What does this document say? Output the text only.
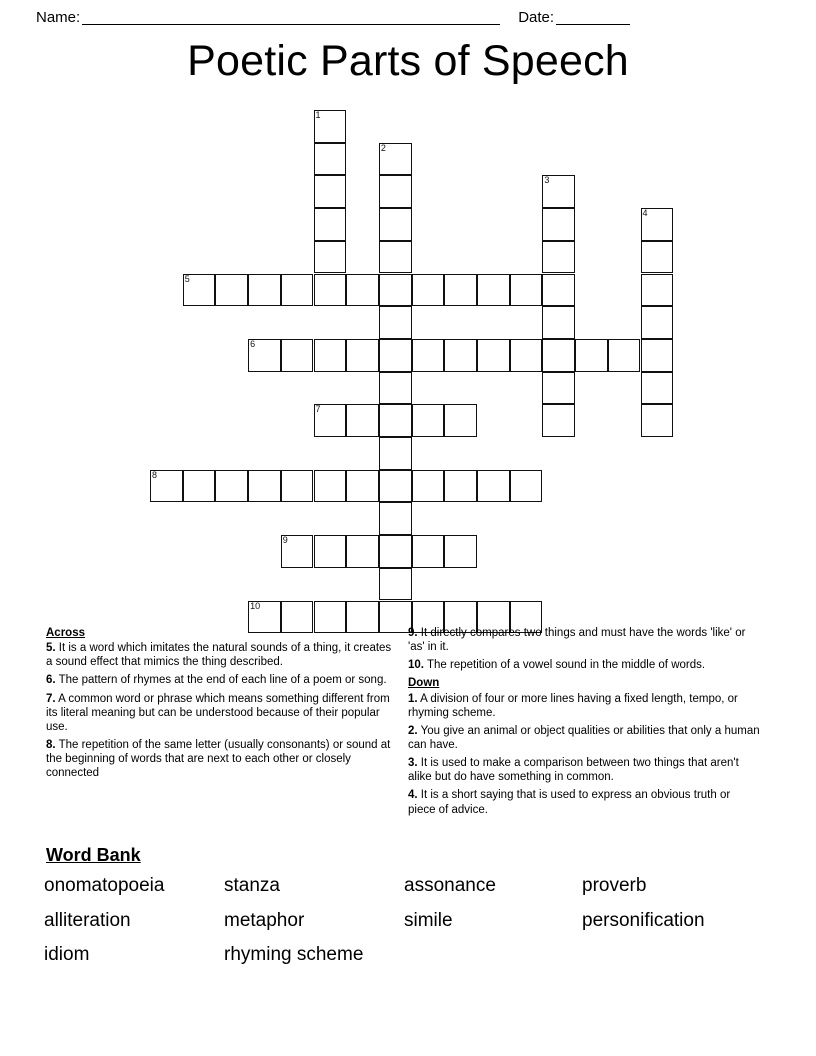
Name:	Date:
Poetic Parts of Speech
1
2
3
4
5
6
7
8
9
10
Across
5. It is a word which imitates the natural sounds of a thing, it creates a sound effect that mimics the thing described.
6. The pattern of rhymes at the end of each line of a poem or song.
7. A common word or phrase which means something different from its literal meaning but can be understood because of their popular use.
8. The repetition of the same letter (usually consonants) or sound at the beginning of words that are next to each other or closely connected
9. It directly compares two things and must have the words 'like' or 'as' in it.
10. The repetition of a vowel sound in the middle of words.
Down
1. A division of four or more lines having a fixed length, tempo, or rhyming scheme.
2. You give an animal or object qualities or abilities that only a human can have.
3. It is used to make a comparison between two things that aren't alike but do have something in common.
4. It is a short saying that is used to express an obvious truth or piece of advice.
Word Bank
onomatopoeia	stanza	assonance	proverb
alliteration	metaphor	simile	personification
idiom	rhyming scheme
